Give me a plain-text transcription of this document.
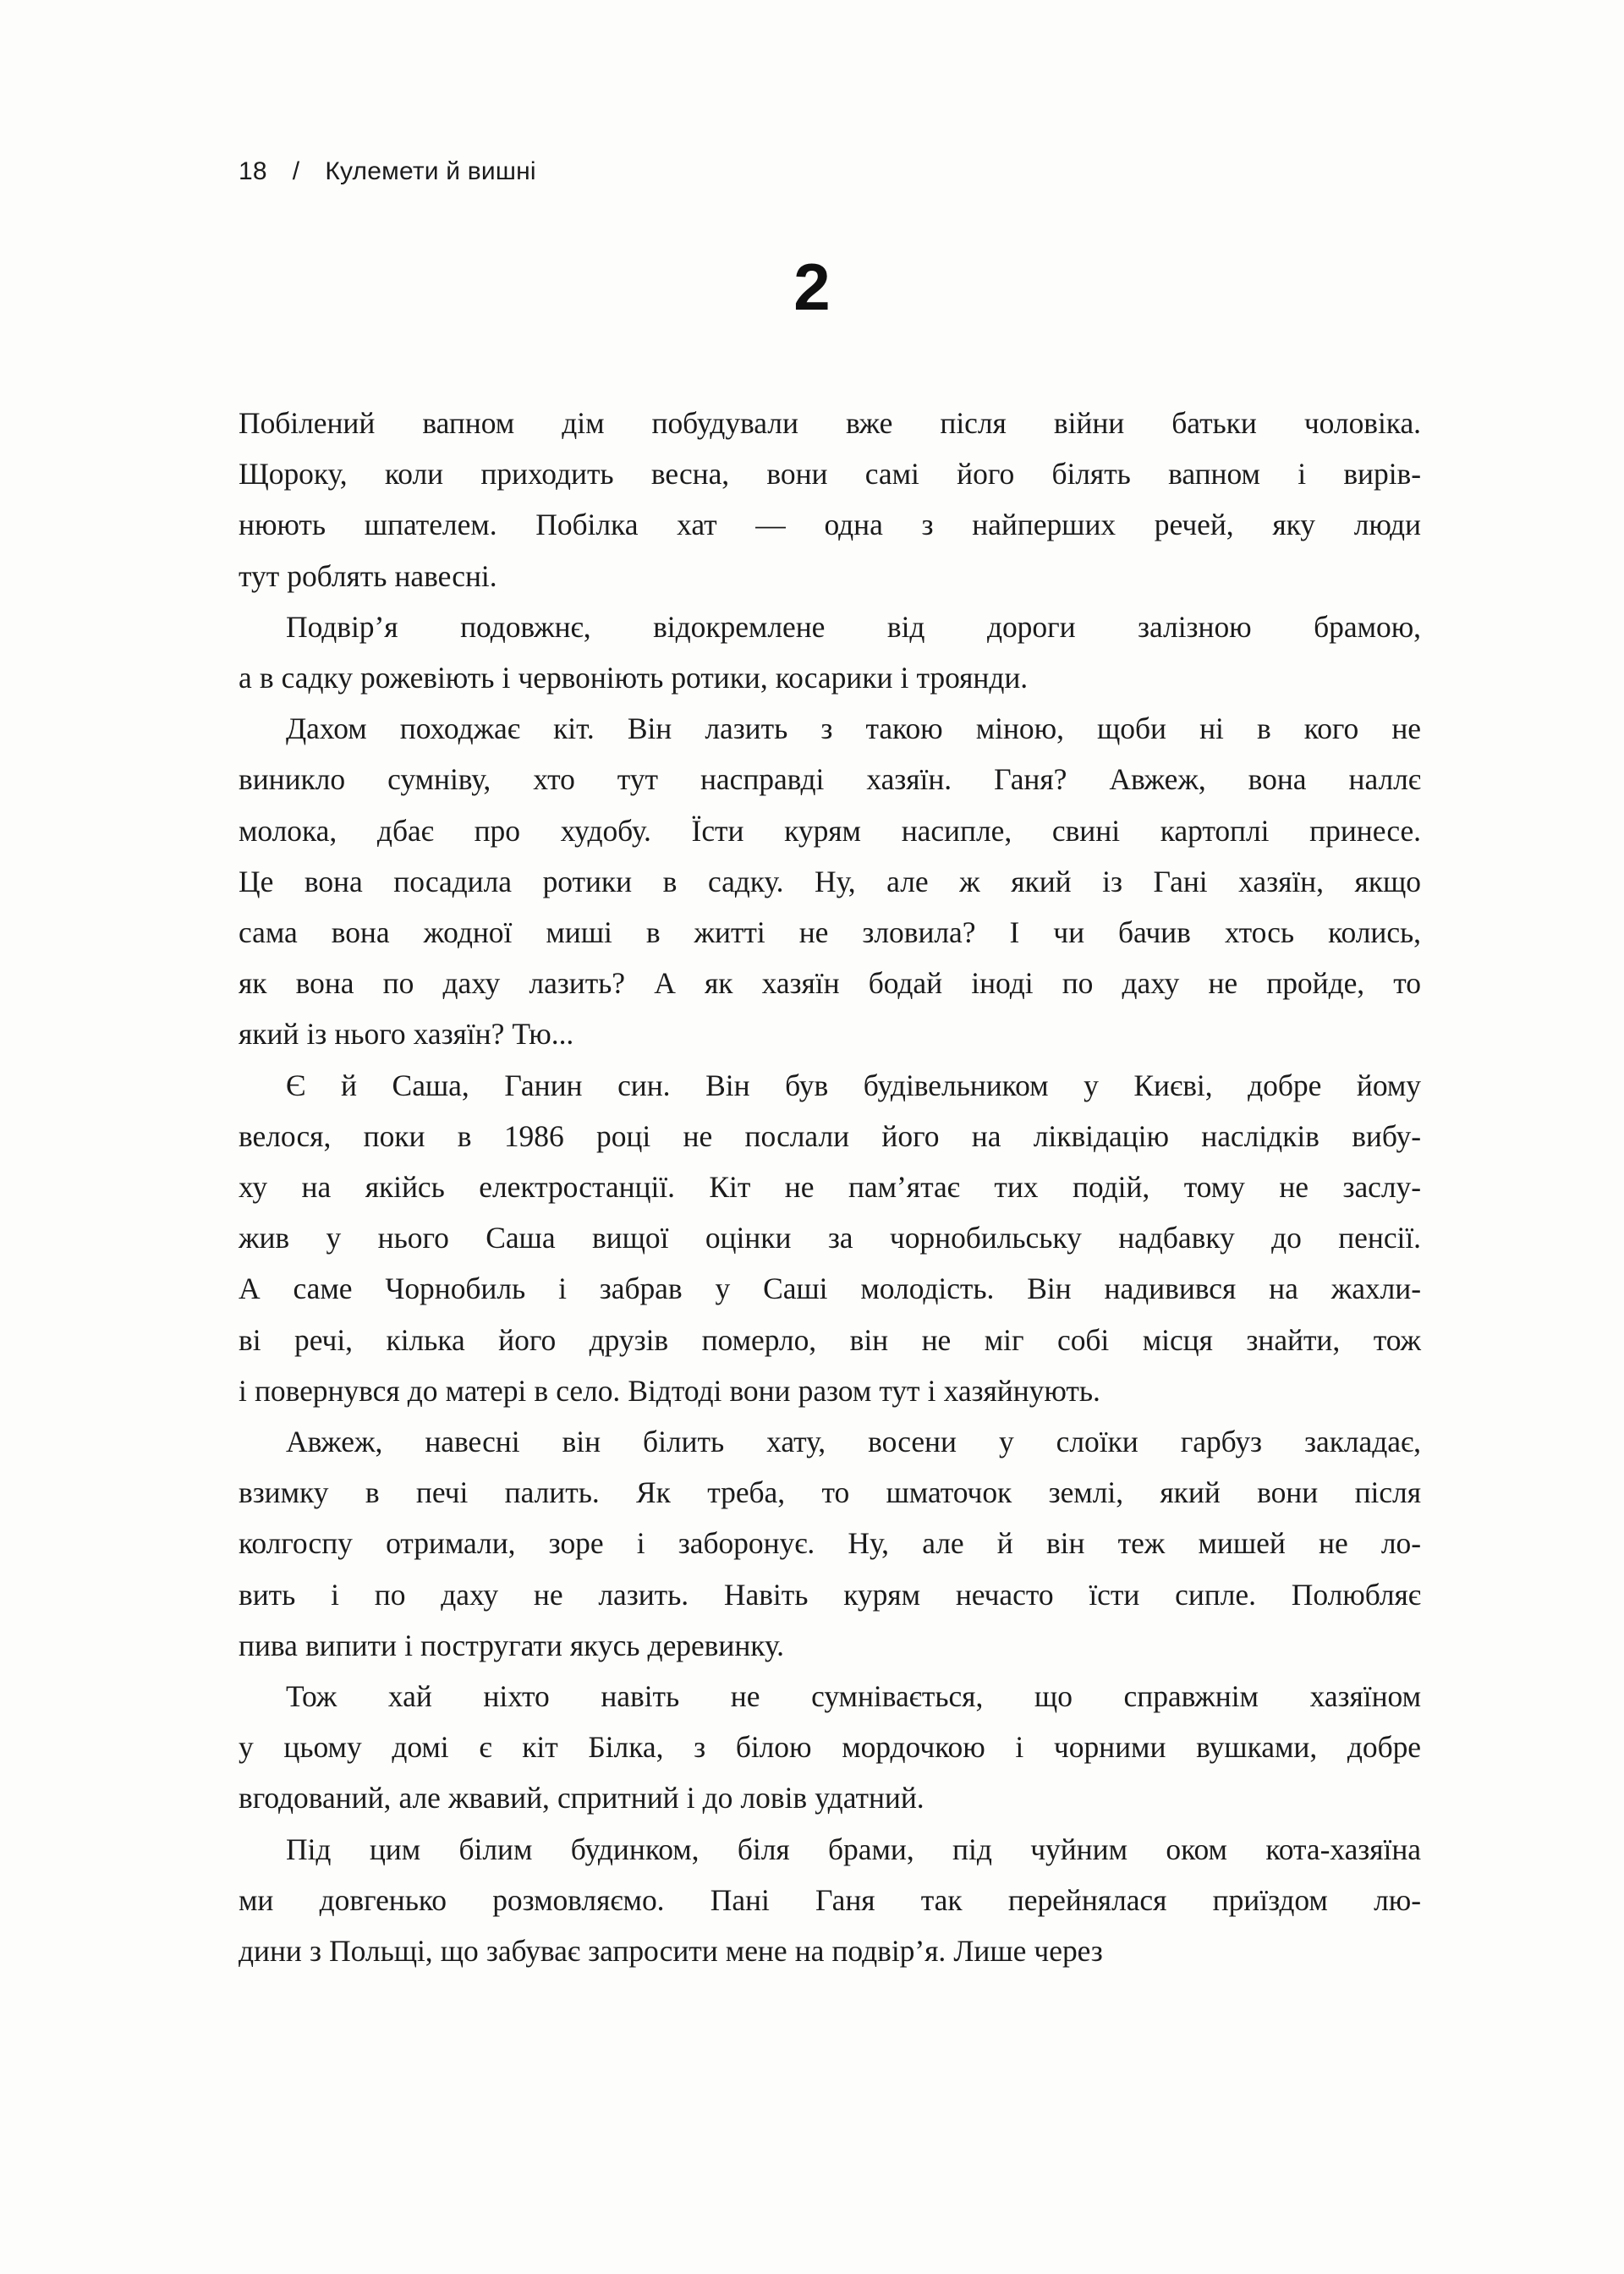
18 / Кулемети й вишні
2

Побілений вапном дім побудували вже після війни батьки чоловіка.
Щороку, коли приходить весна, вони самі його білять вапном і вирів-
нюють шпателем. Побілка хат — одна з найперших речей, яку люди
тут роблять навесні.

Подвір’я подовжнє, відокремлене від дороги залізною брамою,
а в садку рожевіють і червоніють ротики, косарики і троянди.

Дахом походжає кіт. Він лазить з такою міною, щоби ні в кого не
виникло сумніву, хто тут насправді хазяїн. Ганя? Авжеж, вона наллє
молока, дбає про худобу. Їсти курям насипле, свині картоплі принесе.
Це вона посадила ротики в садку. Ну, але ж який із Гані хазяїн, якщо
сама вона жодної миші в житті не зловила? І чи бачив хтось колись,
як вона по даху лазить? А як хазяїн бодай іноді по даху не пройде, то
який із нього хазяїн? Тю...

Є й Саша, Ганин син. Він був будівельником у Києві, добре йому
велося, поки в 1986 році не послали його на ліквідацію наслідків вибу-
ху на якійсь електростанції. Кіт не пам’ятає тих подій, тому не заслу-
жив у нього Саша вищої оцінки за чорнобильську надбавку до пенсії.
А саме Чорнобиль і забрав у Саші молодість. Він надивився на жахли-
ві речі, кілька його друзів померло, він не міг собі місця знайти, тож
і повернувся до матері в село. Відтоді вони разом тут і хазяйнують.

Авжеж, навесні він білить хату, восени у слоїки гарбуз закладає,
взимку в печі палить. Як треба, то шматочок землі, який вони після
колгоспу отримали, зоре і заборонує. Ну, але й він теж мишей не ло-
вить і по даху не лазить. Навіть курям нечасто їсти сипле. Полюбляє
пива випити і постругати якусь деревинку.

Тож хай ніхто навіть не сумнівається, що справжнім хазяїном
у цьому домі є кіт Білка, з білою мордочкою і чорними вушками, добре
вгодований, але жвавий, спритний і до ловів удатний.

Під цим білим будинком, біля брами, під чуйним оком кота-хазяїна
ми довгенько розмовляємо. Пані Ганя так перейнялася приїздом лю-
дини з Польщі, що забуває запросити мене на подвір’я. Лише через
